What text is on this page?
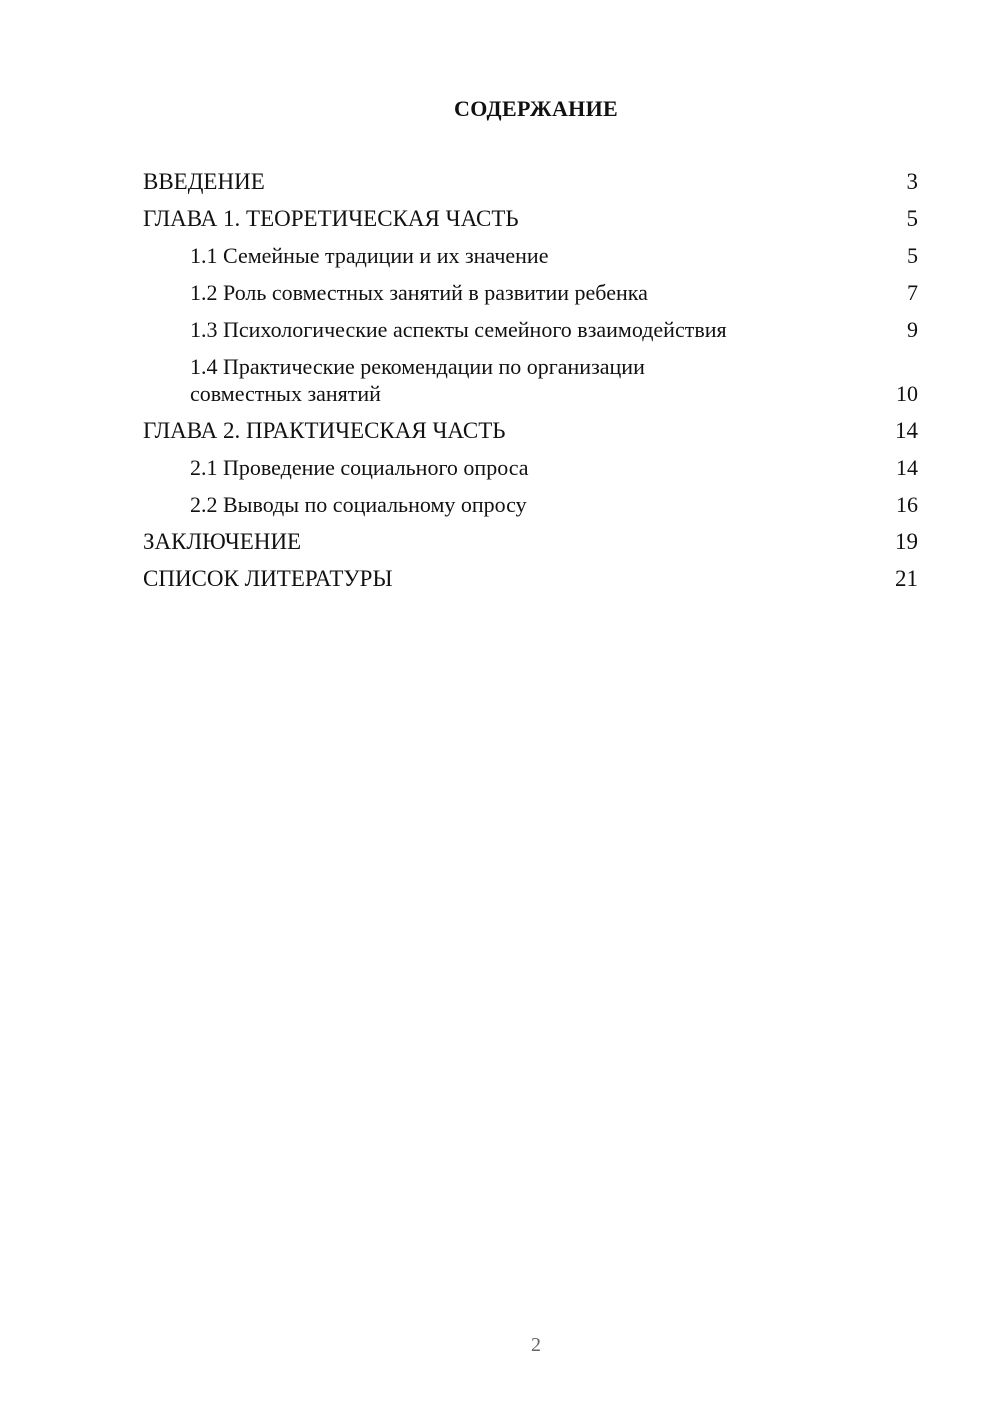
СОДЕРЖАНИЕ
ВВЕДЕНИЕ	3
ГЛАВА 1. ТЕОРЕТИЧЕСКАЯ ЧАСТЬ	5
1.1 Семейные традиции и их значение	5
1.2 Роль совместных занятий в развитии ребенка	7
1.3 Психологические аспекты семейного взаимодействия	9
1.4 Практические рекомендации по организации совместных занятий	10
ГЛАВА 2. ПРАКТИЧЕСКАЯ ЧАСТЬ	14
2.1 Проведение социального опроса	14
2.2 Выводы по социальному опросу	16
ЗАКЛЮЧЕНИЕ	19
СПИСОК ЛИТЕРАТУРЫ	21
2
